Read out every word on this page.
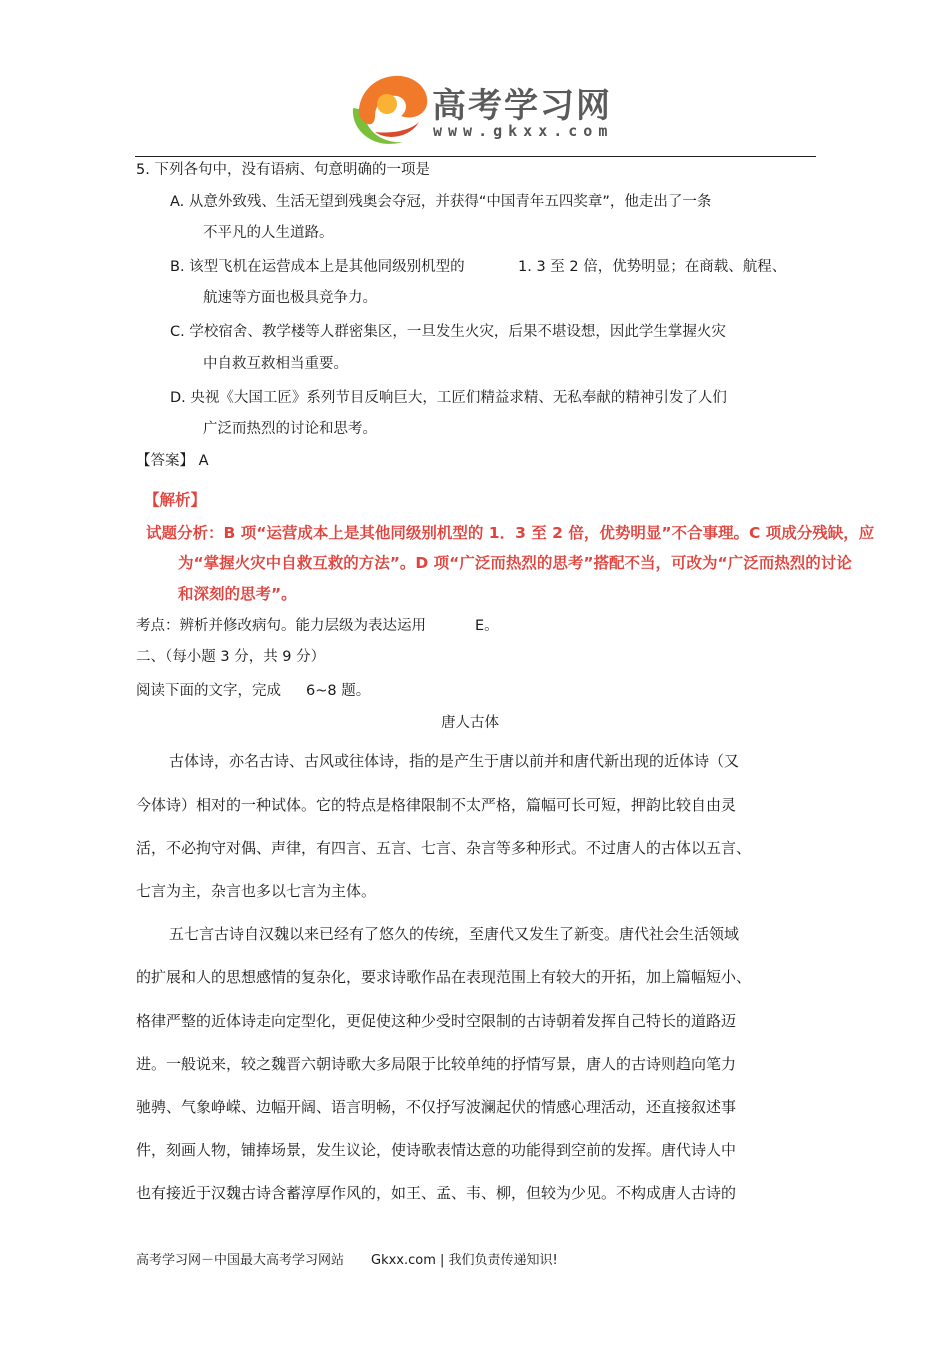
高考学习网
www.gkxx.com
5. 下列各句中，没有语病、句意明确的一项是
A. 从意外致残、生活无望到残奥会夺冠，并获得“中国青年五四奖章”，他走出了一条
不平凡的人生道路。
B. 该型飞机在运营成本上是其他同级别机型的	1. 3 至 2 倍，优势明显；在商载、航程、
航速等方面也极具竞争力。
C. 学校宿舍、教学楼等人群密集区，一旦发生火灾，后果不堪设想，因此学生掌握火灾
中自救互救相当重要。
D. 央视《大国工匠》系列节目反响巨大，工匠们精益求精、无私奉献的精神引发了人们
广泛而热烈的讨论和思考。
【答案】 A
【解析】
试题分析：B 项“运营成本上是其他同级别机型的 1．3 至 2 倍，优势明显”不合事理。C 项成分残缺，应
为“掌握火灾中自救互救的方法”。D 项“广泛而热烈的思考”搭配不当，可改为“广泛而热烈的讨论
和深刻的思考”。
考点：辨析并修改病句。能力层级为表达运用	E。
二、（每小题 3 分，共 9 分）
阅读下面的文字，完成 6~8 题。
唐人古体
古体诗，亦名古诗、古风或往体诗，指的是产生于唐以前并和唐代新出现的近体诗（又
今体诗）相对的一种试体。它的特点是格律限制不太严格，篇幅可长可短，押韵比较自由灵
活，不必拘守对偶、声律，有四言、五言、七言、杂言等多种形式。不过唐人的古体以五言、
七言为主，杂言也多以七言为主体。
五七言古诗自汉魏以来已经有了悠久的传统，至唐代又发生了新变。唐代社会生活领域
的扩展和人的思想感情的复杂化，要求诗歌作品在表现范围上有较大的开拓，加上篇幅短小、
格律严整的近体诗走向定型化，更促使这种少受时空限制的古诗朝着发挥自己特长的道路迈
进。一般说来，较之魏晋六朝诗歌大多局限于比较单纯的抒情写景，唐人的古诗则趋向笔力
驰骋、气象峥嵘、边幅开阔、语言明畅，不仅抒写波澜起伏的情感心理活动，还直接叙述事
件，刻画人物，铺捧场景，发生议论，使诗歌表情达意的功能得到空前的发挥。唐代诗人中
也有接近于汉魏古诗含蓄淳厚作风的，如王、孟、韦、柳，但较为少见。不构成唐人古诗的
高考学习网－中国最大高考学习网站 Gkxx.com | 我们负责传递知识!
